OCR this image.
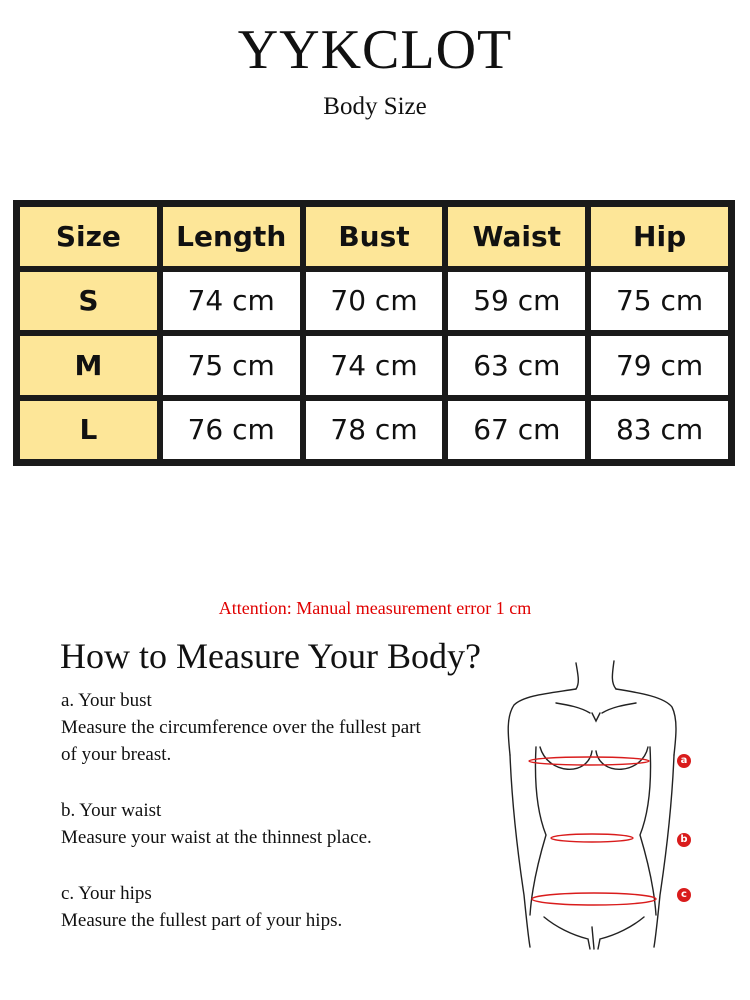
YYKCLOT
Body Size
Size	Length	Bust	Waist	Hip
S	74 cm	70 cm	59 cm	75 cm
M	75 cm	74 cm	63 cm	79 cm
L	76 cm	78 cm	67 cm	83 cm
Attention: Manual measurement error 1 cm
How to Measure Your Body?

a. Your bust

Measure the circumference over the fullest part

of your breast.

b. Your waist

Measure your waist at the thinnest place.

c. Your hips

Measure the fullest part of your hips.

a
b
c
